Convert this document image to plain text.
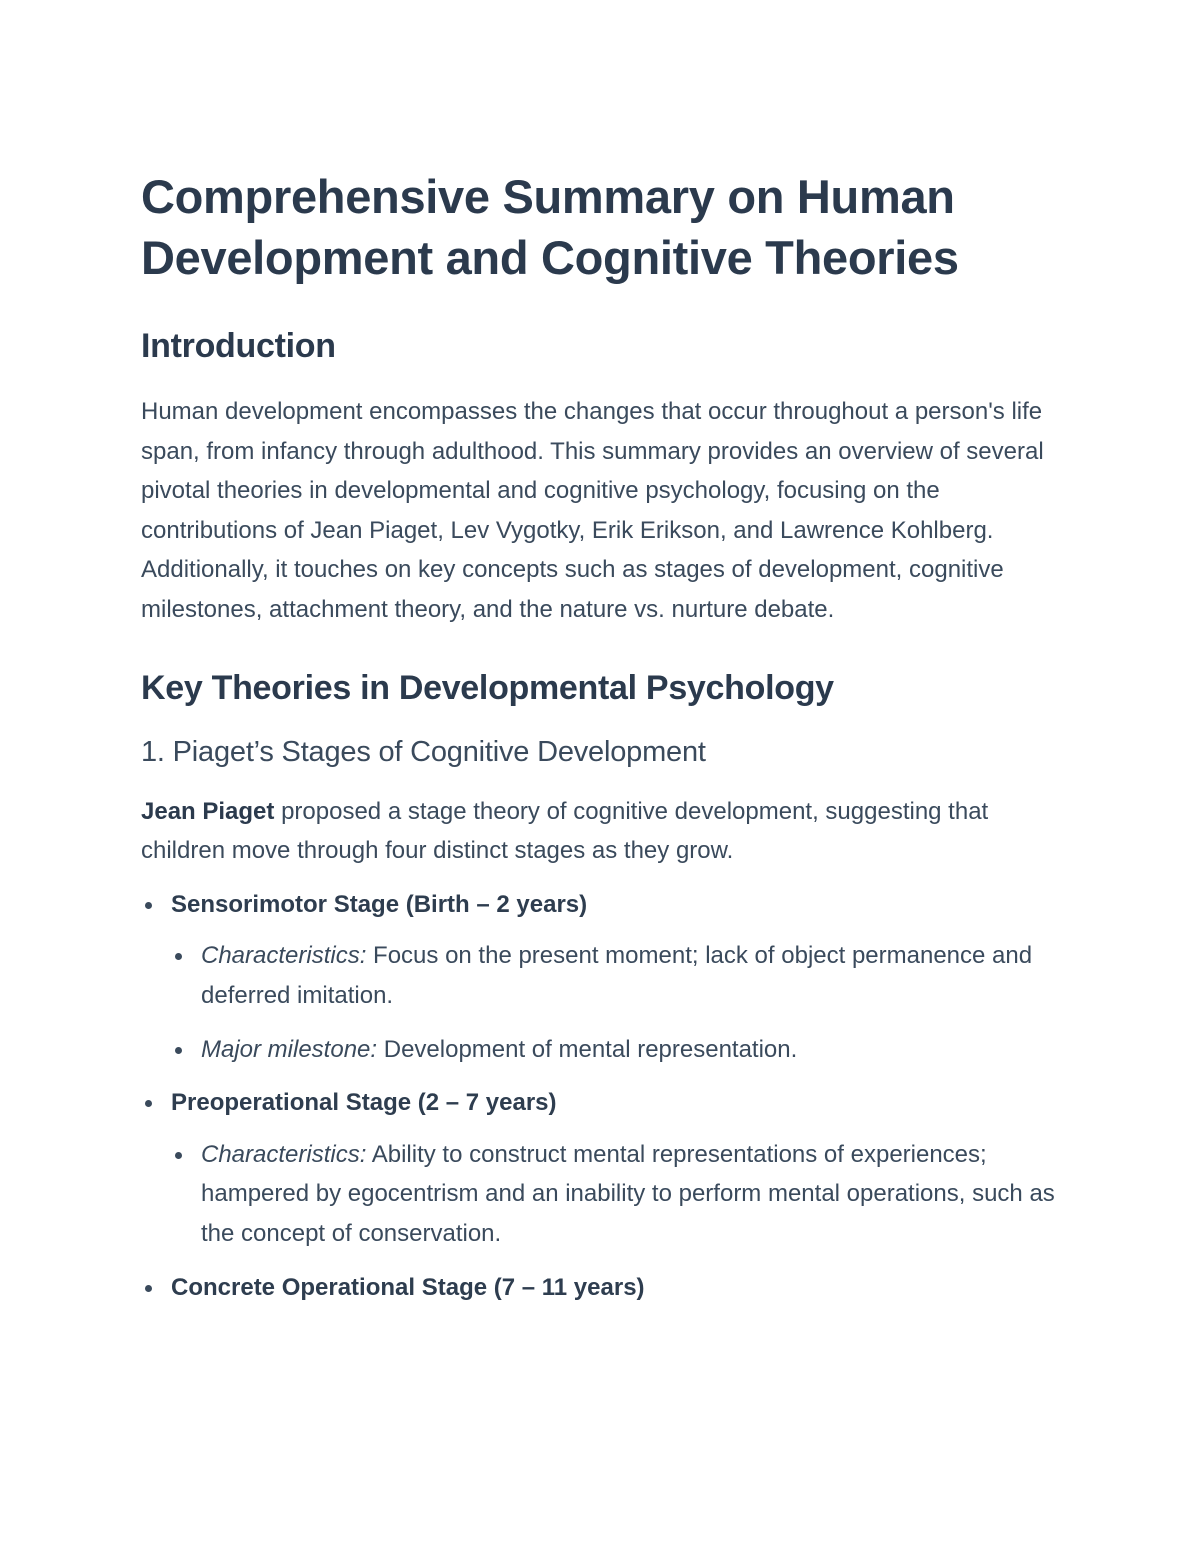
Comprehensive Summary on Human Development and Cognitive Theories
Introduction

Human development encompasses the changes that occur throughout a person's life span, from infancy through adulthood. This summary provides an overview of several pivotal theories in developmental and cognitive psychology, focusing on the contributions of Jean Piaget, Lev Vygotky, Erik Erikson, and Lawrence Kohlberg. Additionally, it touches on key concepts such as stages of development, cognitive milestones, attachment theory, and the nature vs. nurture debate.

Key Theories in Developmental Psychology
1. Piaget’s Stages of Cognitive Development

Jean Piaget proposed a stage theory of cognitive development, suggesting that children move through four distinct stages as they grow.

Sensorimotor Stage (Birth – 2 years)
Characteristics: Focus on the present moment; lack of object permanence and deferred imitation.
Major milestone: Development of mental representation.
Preoperational Stage (2 – 7 years)
Characteristics: Ability to construct mental representations of experiences; hampered by egocentrism and an inability to perform mental operations, such as the concept of conservation.
Concrete Operational Stage (7 – 11 years)
